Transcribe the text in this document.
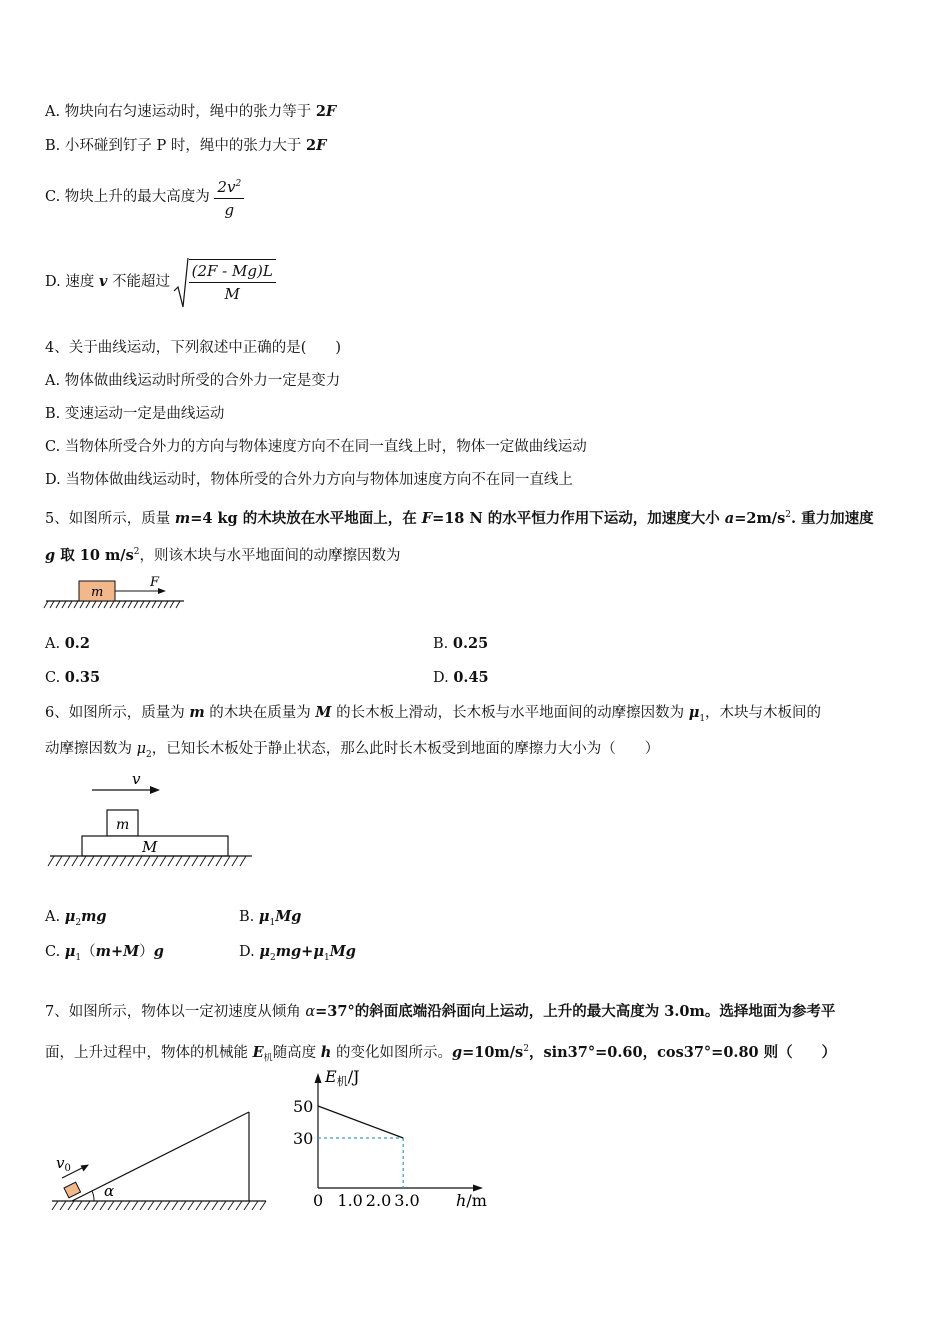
A. 物块向右匀速运动时，绳中的张力等于 2F
B. 小环碰到钉子 P 时，绳中的张力大于 2F
C. 物块上升的最大高度为 $\frac{2v^2}{g}$
D. 速度 v 不能超过 $\frac{(2F - Mg)L}{M}$
4、关于曲线运动，下列叙述中正确的是(　　)
A. 物体做曲线运动时所受的合外力一定是变力
B. 变速运动一定是曲线运动
C. 当物体所受合外力的方向与物体速度方向不在同一直线上时，物体一定做曲线运动
D. 当物体做曲线运动时，物体所受的合外力方向与物体加速度方向不在同一直线上
5、如图所示，质量 m=4 kg 的木块放在水平地面上，在 F=18 N 的水平恒力作用下运动，加速度大小 $a=2m/s^2$. 重力加速度
g 取 10 $m/s^2$，则该木块与水平地面间的动摩擦因数为
m
F
A. 0.2	B. 0.25
C. 0.35	D. 0.45
6、如图所示，质量为 m 的木块在质量为 M 的长木板上滑动，长木板与水平地面间的动摩擦因数为 $\mu_1$，木块与木板间的
动摩擦因数为 $\mu_2$，已知长木板处于静止状态，那么此时长木板受到地面的摩擦力大小为（　　）
v
m
M
A. $\mu_2mg$	B. $\mu_1Mg$
C. $\mu_1(m+M)g$	D. $\mu_2mg+\mu_1Mg$
7、如图所示，物体以一定初速度从倾角 α=37°的斜面底端沿斜面向上运动，上升的最大高度为 3.0m。选择地面为参考平
面，上升过程中，物体的机械能 $E_机$随高度 h 的变化如图所示。$g=10m/s^2$，sin37°=0.60，cos37°=0.80 则（　　）
α
$v_0$
E机/J
h/m
0 1.0 2.0 3.0
50
30
